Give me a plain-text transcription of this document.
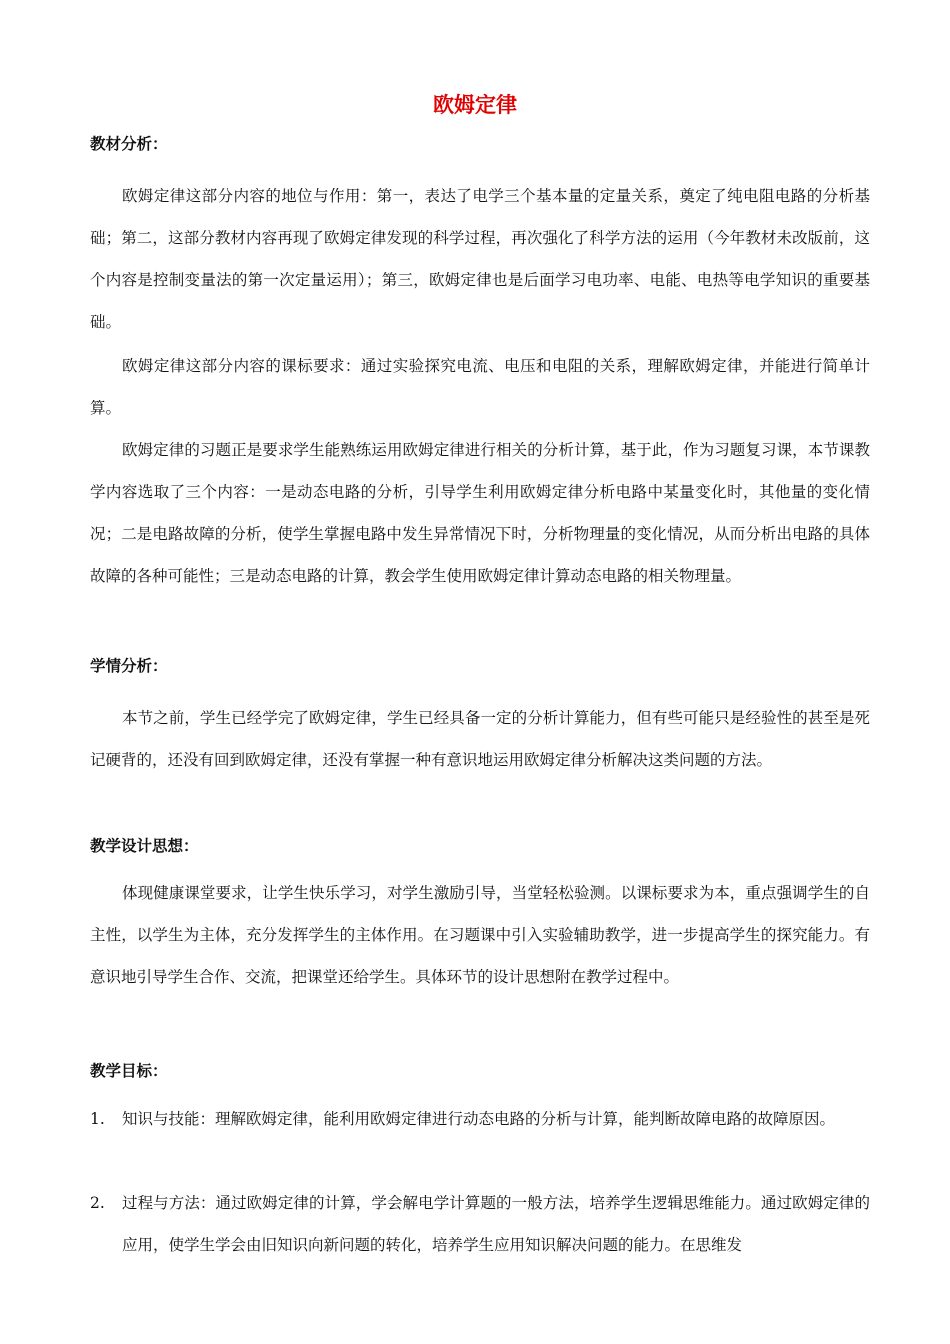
欧姆定律
教材分析：

欧姆定律这部分内容的地位与作用：第一，表达了电学三个基本量的定量关系，奠定了纯电阻电路的分析基础；第二，这部分教材内容再现了欧姆定律发现的科学过程，再次强化了科学方法的运用（今年教材未改版前，这个内容是控制变量法的第一次定量运用）；第三，欧姆定律也是后面学习电功率、电能、电热等电学知识的重要基础。

欧姆定律这部分内容的课标要求：通过实验探究电流、电压和电阻的关系，理解欧姆定律，并能进行简单计算。

欧姆定律的习题正是要求学生能熟练运用欧姆定律进行相关的分析计算，基于此，作为习题复习课，本节课教学内容选取了三个内容：一是动态电路的分析，引导学生利用欧姆定律分析电路中某量变化时，其他量的变化情况；二是电路故障的分析，使学生掌握电路中发生异常情况下时，分析物理量的变化情况，从而分析出电路的具体故障的各种可能性；三是动态电路的计算，教会学生使用欧姆定律计算动态电路的相关物理量。

学情分析：

本节之前，学生已经学完了欧姆定律，学生已经具备一定的分析计算能力，但有些可能只是经验性的甚至是死记硬背的，还没有回到欧姆定律，还没有掌握一种有意识地运用欧姆定律分析解决这类问题的方法。

教学设计思想：

体现健康课堂要求，让学生快乐学习，对学生激励引导，当堂轻松验测。以课标要求为本，重点强调学生的自主性，以学生为主体，充分发挥学生的主体作用。在习题课中引入实验辅助教学，进一步提高学生的探究能力。有意识地引导学生合作、交流，把课堂还给学生。具体环节的设计思想附在教学过程中。

教学目标：
1. 知识与技能：理解欧姆定律，能利用欧姆定律进行动态电路的分析与计算，能判断故障电路的故障原因。
2. 过程与方法：通过欧姆定律的计算，学会解电学计算题的一般方法，培养学生逻辑思维能力。通过欧姆定律的应用，使学生学会由旧知识向新问题的转化，培养学生应用知识解决问题的能力。在思维发
